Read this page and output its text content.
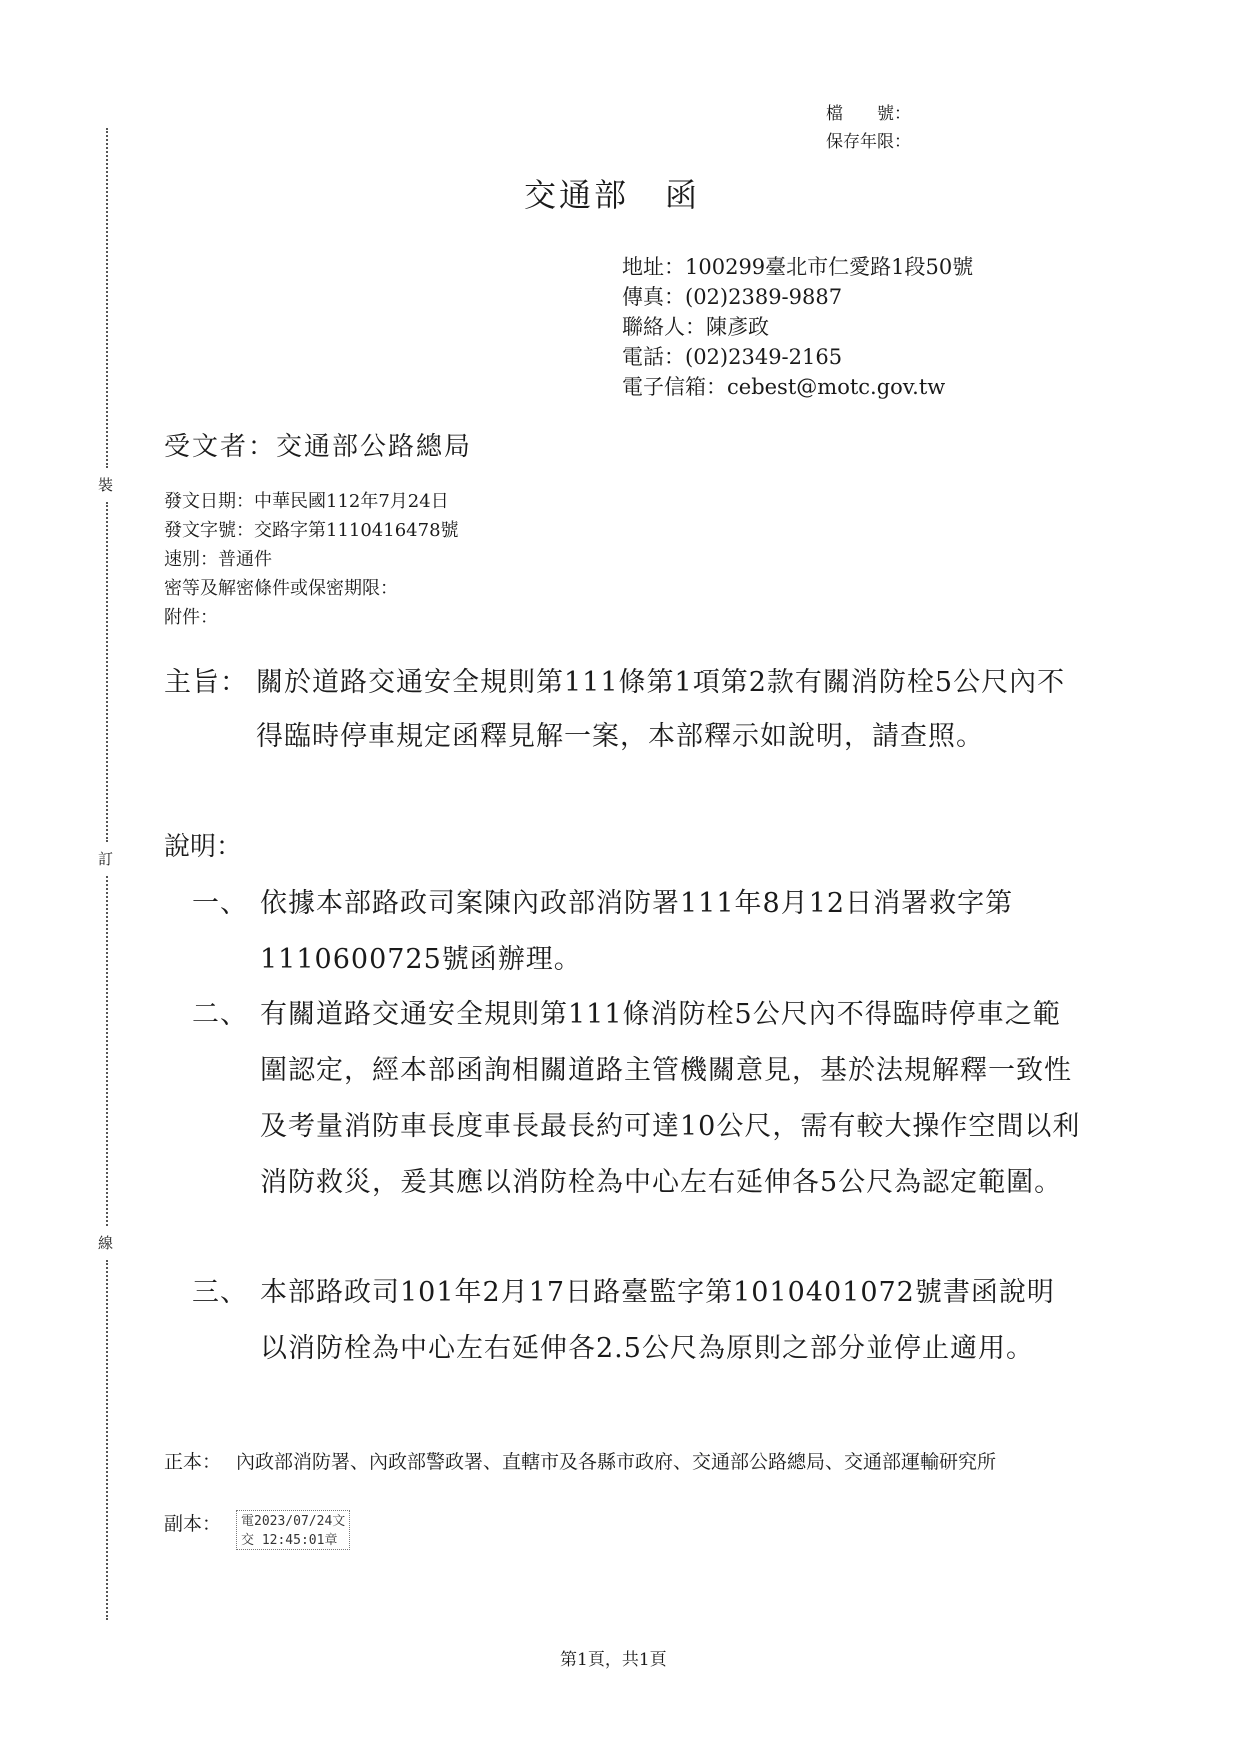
裝
訂
線
檔　　號：
保存年限：
交通部 函
地址：100299臺北市仁愛路1段50號
傳真：(02)2389-9887
聯絡人：陳彥政
電話：(02)2349-2165
電子信箱：cebest@motc.gov.tw
受文者：交通部公路總局
發文日期：中華民國112年7月24日
發文字號：交路字第1110416478號
速別：普通件
密等及解密條件或保密期限：
附件：
主旨： 關於道路交通安全規則第111條第1項第2款有關消防栓5公尺內不得臨時停車規定函釋見解一案，本部釋示如說明，請查照。
說明：
一、 依據本部路政司案陳內政部消防署111年8月12日消署救字第1110600725號函辦理。
二、 有關道路交通安全規則第111條消防栓5公尺內不得臨時停車之範圍認定，經本部函詢相關道路主管機關意見，基於法規解釋一致性及考量消防車長度車長最長約可達10公尺，需有較大操作空間以利消防救災，爰其應以消防栓為中心左右延伸各5公尺為認定範圍。
三、 本部路政司101年2月17日路臺監字第1010401072號書函說明以消防栓為中心左右延伸各2.5公尺為原則之部分並停止適用。
正本： 內政部消防署、內政部警政署、直轄市及各縣市政府、交通部公路總局、交通部運輸研究所
副本： 電2023/07/24文
交 12:45:01章
第1頁，共1頁
